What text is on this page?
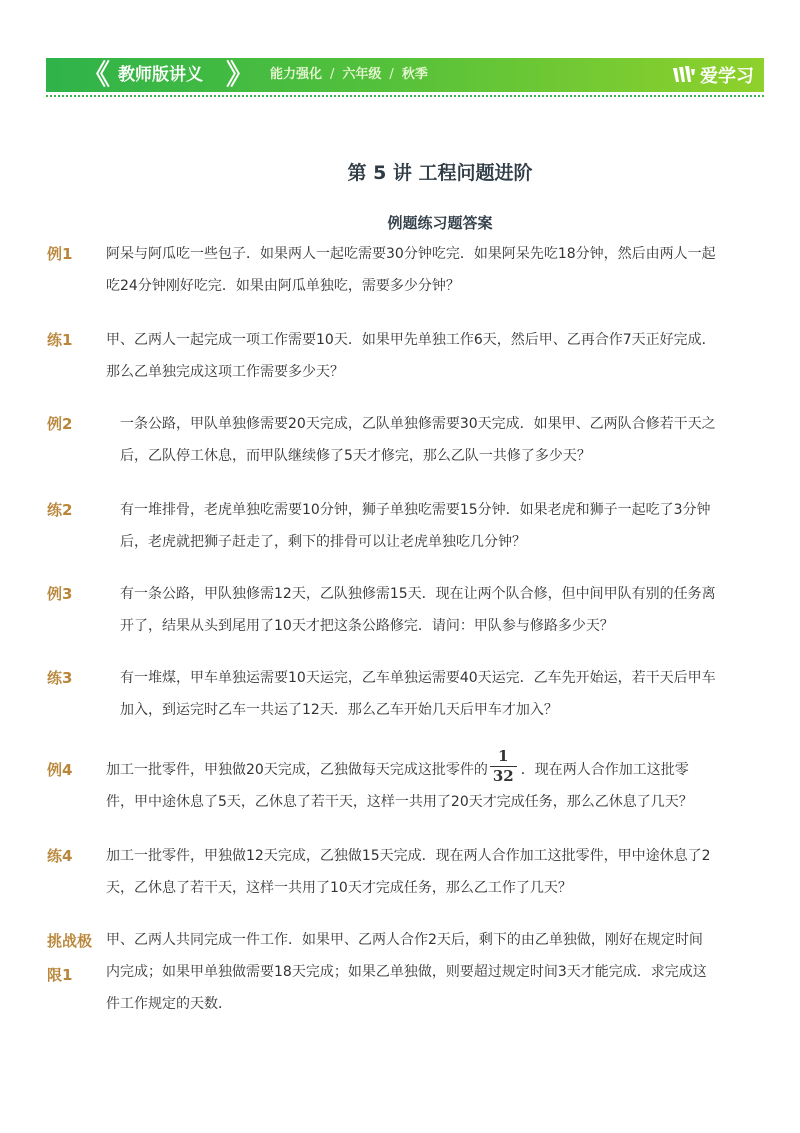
《 教师版讲义 》 能力强化 / 六年级 / 秋季	爱学习
第 5 讲 工程问题进阶
例题练习题答案
例1	阿呆与阿瓜吃一些包子．如果两人一起吃需要30分钟吃完．如果阿呆先吃18分钟，然后由两人一起吃24分钟刚好吃完．如果由阿瓜单独吃，需要多少分钟？
练1	甲、乙两人一起完成一项工作需要10天．如果甲先单独工作6天，然后甲、乙再合作7天正好完成．那么乙单独完成这项工作需要多少天？
例2	一条公路，甲队单独修需要20天完成，乙队单独修需要30天完成．如果甲、乙两队合修若干天之后，乙队停工休息，而甲队继续修了5天才修完，那么乙队一共修了多少天？
练2	有一堆排骨，老虎单独吃需要10分钟，狮子单独吃需要15分钟．如果老虎和狮子一起吃了3分钟后，老虎就把狮子赶走了，剩下的排骨可以让老虎单独吃几分钟？
例3	有一条公路，甲队独修需12天，乙队独修需15天．现在让两个队合修，但中间甲队有别的任务离开了，结果从头到尾用了10天才把这条公路修完．请问：甲队参与修路多少天？
练3	有一堆煤，甲车单独运需要10天运完，乙车单独运需要40天运完．乙车先开始运，若干天后甲车加入，到运完时乙车一共运了12天．那么乙车开始几天后甲车才加入？
例4	加工一批零件，甲独做20天完成，乙独做每天完成这批零件的 $\frac{1}{32}$ ．现在两人合作加工这批零件，甲中途休息了5天，乙休息了若干天，这样一共用了20天才完成任务，那么乙休息了几天？
练4	加工一批零件，甲独做12天完成，乙独做15天完成．现在两人合作加工这批零件，甲中途休息了2天，乙休息了若干天，这样一共用了10天才完成任务，那么乙工作了几天？
挑战极限1
甲、乙两人共同完成一件工作．如果甲、乙两人合作2天后，剩下的由乙单独做，刚好在规定时间内完成；如果甲单独做需要18天完成；如果乙单独做，则要超过规定时间3天才能完成．求完成这件工作规定的天数．
